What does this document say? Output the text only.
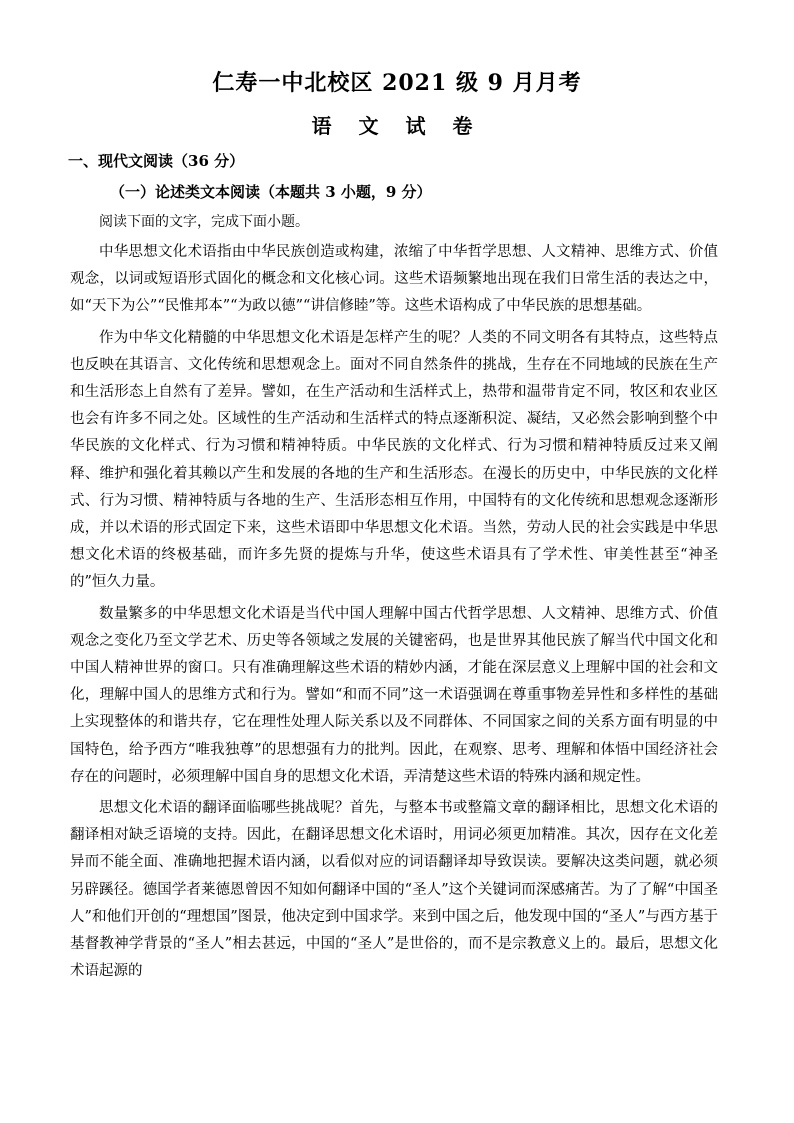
仁寿一中北校区 2021 级 9 月月考
语 文 试 卷
一、现代文阅读（36 分）
（一）论述类文本阅读（本题共 3 小题，9 分）
阅读下面的文字，完成下面小题。

中华思想文化术语指由中华民族创造或构建，浓缩了中华哲学思想、人文精神、思维方式、价值观念，以词或短语形式固化的概念和文化核心词。这些术语频繁地出现在我们日常生活的表达之中，如“天下为公”“民惟邦本”“为政以德”“讲信修睦”等。这些术语构成了中华民族的思想基础。

作为中华文化精髓的中华思想文化术语是怎样产生的呢？人类的不同文明各有其特点，这些特点也反映在其语言、文化传统和思想观念上。面对不同自然条件的挑战，生存在不同地域的民族在生产和生活形态上自然有了差异。譬如，在生产活动和生活样式上，热带和温带肯定不同，牧区和农业区也会有许多不同之处。区域性的生产活动和生活样式的特点逐渐积淀、凝结，又必然会影响到整个中华民族的文化样式、行为习惯和精神特质。中华民族的文化样式、行为习惯和精神特质反过来又阐释、维护和强化着其赖以产生和发展的各地的生产和生活形态。在漫长的历史中，中华民族的文化样式、行为习惯、精神特质与各地的生产、生活形态相互作用，中国特有的文化传统和思想观念逐渐形成，并以术语的形式固定下来，这些术语即中华思想文化术语。当然，劳动人民的社会实践是中华思想文化术语的终极基础，而许多先贤的提炼与升华，使这些术语具有了学术性、审美性甚至“神圣的”恒久力量。

数量繁多的中华思想文化术语是当代中国人理解中国古代哲学思想、人文精神、思维方式、价值观念之变化乃至文学艺术、历史等各领域之发展的关键密码，也是世界其他民族了解当代中国文化和中国人精神世界的窗口。只有准确理解这些术语的精妙内涵，才能在深层意义上理解中国的社会和文化，理解中国人的思维方式和行为。譬如“和而不同”这一术语强调在尊重事物差异性和多样性的基础上实现整体的和谐共存，它在理性处理人际关系以及不同群体、不同国家之间的关系方面有明显的中国特色，给予西方“唯我独尊”的思想强有力的批判。因此，在观察、思考、理解和体悟中国经济社会存在的问题时，必须理解中国自身的思想文化术语，弄清楚这些术语的特殊内涵和规定性。

思想文化术语的翻译面临哪些挑战呢？首先，与整本书或整篇文章的翻译相比，思想文化术语的翻译相对缺乏语境的支持。因此，在翻译思想文化术语时，用词必须更加精准。其次，因存在文化差异而不能全面、准确地把握术语内涵，以看似对应的词语翻译却导致误读。要解决这类问题，就必须另辟蹊径。德国学者莱德恩曾因不知如何翻译中国的“圣人”这个关键词而深感痛苦。为了了解“中国圣人”和他们开创的“理想国”图景，他决定到中国求学。来到中国之后，他发现中国的“圣人”与西方基于基督教神学背景的“圣人”相去甚远，中国的“圣人”是世俗的，而不是宗教意义上的。最后，思想文化术语起源的
